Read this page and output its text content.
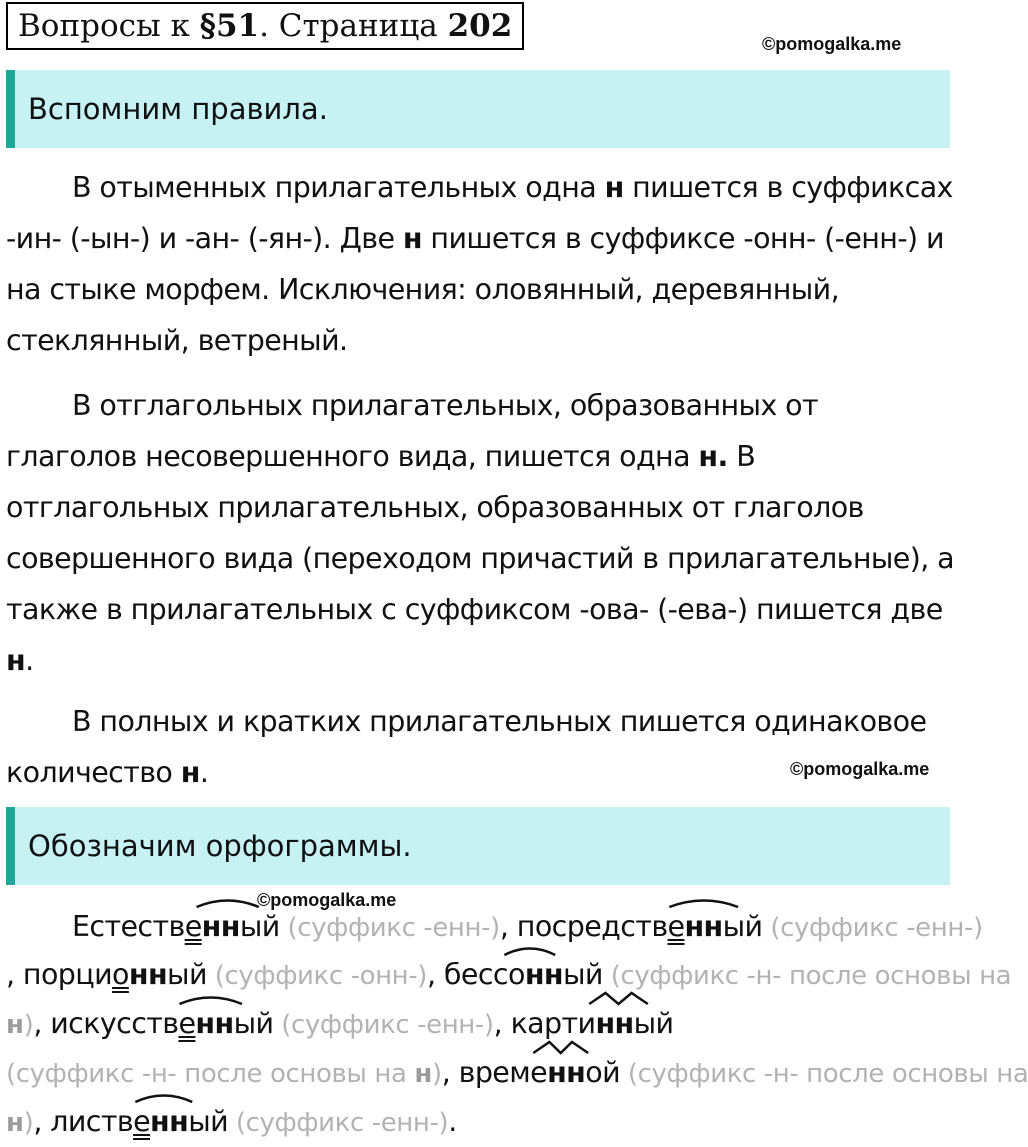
Вопросы к §51. Страница 202	©pomogalka.me
Вспомним правила.

В отыменных прилагательных одна н пишется в суффиксах -ин- (-ын-) и -ан- (-ян-). Две н пишется в суффиксе -онн- (-енн-) и на стыке морфем. Исключения: оловянный, деревянный, стеклянный, ветреный.

В отглагольных прилагательных, образованных от глаголов несовершенного вида, пишется одна н. В отглагольных прилагательных, образованных от глаголов совершенного вида (переходом причастий в прилагательные), а также в прилагательных с суффиксом -ова- (-ева-) пишется две н.

В полных и кратких прилагательных пишется одинаковое количество н.	©pomogalka.me
Обозначим орфограммы.
©pomogalka.me
Естественный (суффикс -енн-),
посредственный (суффикс -енн-)
, порционный (суффикс -онн-),
бессонный (суффикс -н- после основы на
н),
искусственный (суффикс -енн-),
картинный
(суффикс -н- после основы на н),
временной (суффикс -н- после основы на
н),
лиственный (суффикс -енн-).
